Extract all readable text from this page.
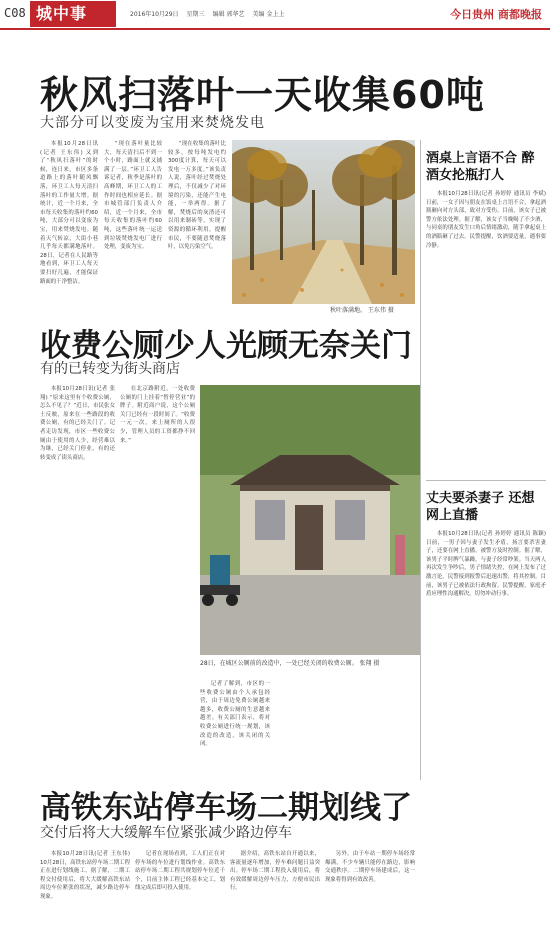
C08 城中事	2016年10月29日 星期三 编辑 郭华艺 美编 金上上	今日贵州 商都晚报
秋风扫落叶一天收集60吨
大部分可以变废为宝用来焚烧发电

本报10月28日讯(记者 王东伟) 又到了“秋风扫落叶”的时候，连日来，市区多条道路上的落叶随风飘落，环卫工人每天清扫落叶的工作量大增。据统计，近一个月来，全市每天收集的落叶约60吨，大部分可以变废为宝，用来焚烧发电。随着天气转凉，大街小巷几乎每天都满地落叶。28日，记者在人民路等地看到，环卫工人每天要扫好几遍，才能保证路面的干净整洁。

“现在落叶量比较大，每天清扫后不到一个小时，路面上就又铺满了一层。”环卫工人告诉记者，秋季是落叶的高峰期，环卫工人的工作时间也相应延长。据市城管部门负责人介绍，近一个月来，全市每天收集的落叶约60吨，这些落叶统一运送到垃圾焚烧发电厂进行处理，变废为宝。

“现在收集的落叶比较多，按每吨发电约300度计算，每天可以发电一万多度。”该负责人说，落叶经过焚烧处理后，不仅减少了对环境的污染，还能产生电能，一举两得。据了解，焚烧后的灰渣还可以用来制砖等，实现了资源的循环利用。提醒市民，不要随意焚烧落叶，以免污染空气。

秋叶落满地。 王东伟 摄
酒桌上言语不合 醉酒女抡瓶打人

本报10月28日讯(记者 孙婷婷 通讯员 李斌) 日前，一女子因与朋友在饭桌上言语不合，拿起酒瓶砸向对方头部，致对方受伤。目前，该女子已被警方依法处理。据了解，该女子当晚喝了不少酒，与同桌的朋友发生口角后情绪激动，随手拿起桌上的酒瓶砸了过去。民警提醒，饮酒要适量，遇事要冷静。

丈夫要杀妻子 还想网上直播

本报10月28日讯(记者 孙婷婷 通讯员 陈颖) 日前，一男子因与妻子发生矛盾，扬言要杀害妻子，还要在网上直播，被警方及时控制。据了解，该男子平时脾气暴躁，与妻子经常吵架。当天两人再次发生争吵后，男子情绪失控，在网上发布了过激言论。民警接到报警后迅速出警，将其控制。目前，该男子已被依法行政拘留。民警提醒，家庭矛盾应理性沟通解决，切勿冲动行事。

收费公厕少人光顾无奈关门
有的已转变为街头商店

本报10月28日讯(记者 张翔) “原来这里有个收费公厕，怎么不见了？”近日，市民张女士反映，原来在一些路段的收费公厕，有的已经关门了。记者走访发现，市区一些收费公厕由于使用的人少，经营难以为继，已经关门停业，有的还转变成了街头商店。

在北京路附近，一处收费公厕的门上挂着“暂停营业”的牌子。附近商户说，这个公厕关门已经有一段时间了。“收费一元一次，来上厕所的人很少，管理人员的工资都挣不回来。”

28日，在城区公厕前的改造中，一处已经关闭的收费公厕。 张翔 摄

记者了解到，市区的一些收费公厕由个人承包经营，由于周边免费公厕越来越多，收费公厕的生意越来越差。有关部门表示，将对收费公厕进行统一规划，该改造的改造，该关闭的关闭。

高铁东站停车场二期划线了
交付后将大大缓解车位紧张减少路边停车

本报10月28日讯(记者 王东伟) 10月28日，高铁东站停车场二期工程正在进行划线施工。据了解，二期工程交付使用后，将大大缓解高铁东站周边车位紧张的状况，减少路边停车现象。

记者在现场看到，工人们正在对停车场的车位进行划线作业。高铁东站停车场二期工程共规划停车位近千个，目前主体工程已经基本完工，划线完成后即可投入使用。

据介绍，高铁东站自开通以来，客流量逐年增加，停车难问题日益突出。停车场二期工程投入使用后，将有效缓解周边停车压力，方便市民出行。

另外，由于车站一期停车场经常爆满，不少车辆只能停在路边，影响交通秩序。二期停车场建成后，这一现象将得到有效改善。
